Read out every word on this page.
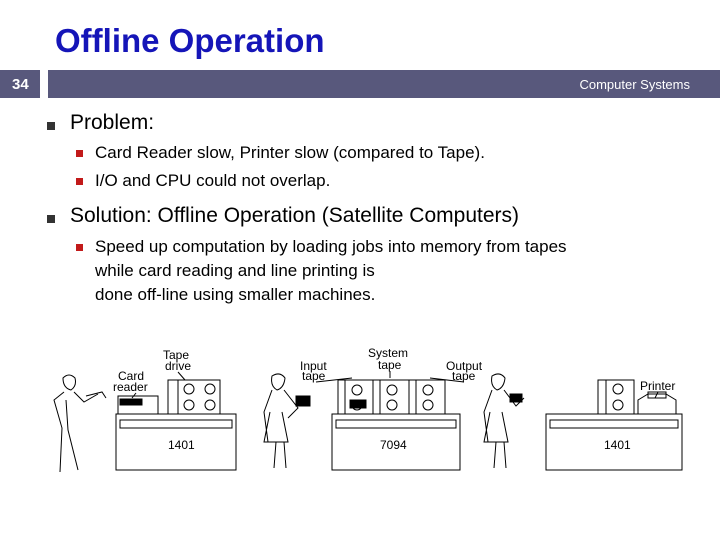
Offline Operation
34	Computer Systems
Problem:
Card Reader slow, Printer slow (compared to Tape).
I/O and CPU could not overlap.
Solution: Offline Operation (Satellite Computers)
Speed up computation by loading jobs into memory from tapes
while card reading and line printing is
done off-line using smaller machines.
Tape
drive
Card
reader
Input
tape
System
tape	Output
tape
Printer
1401	7094	1401
